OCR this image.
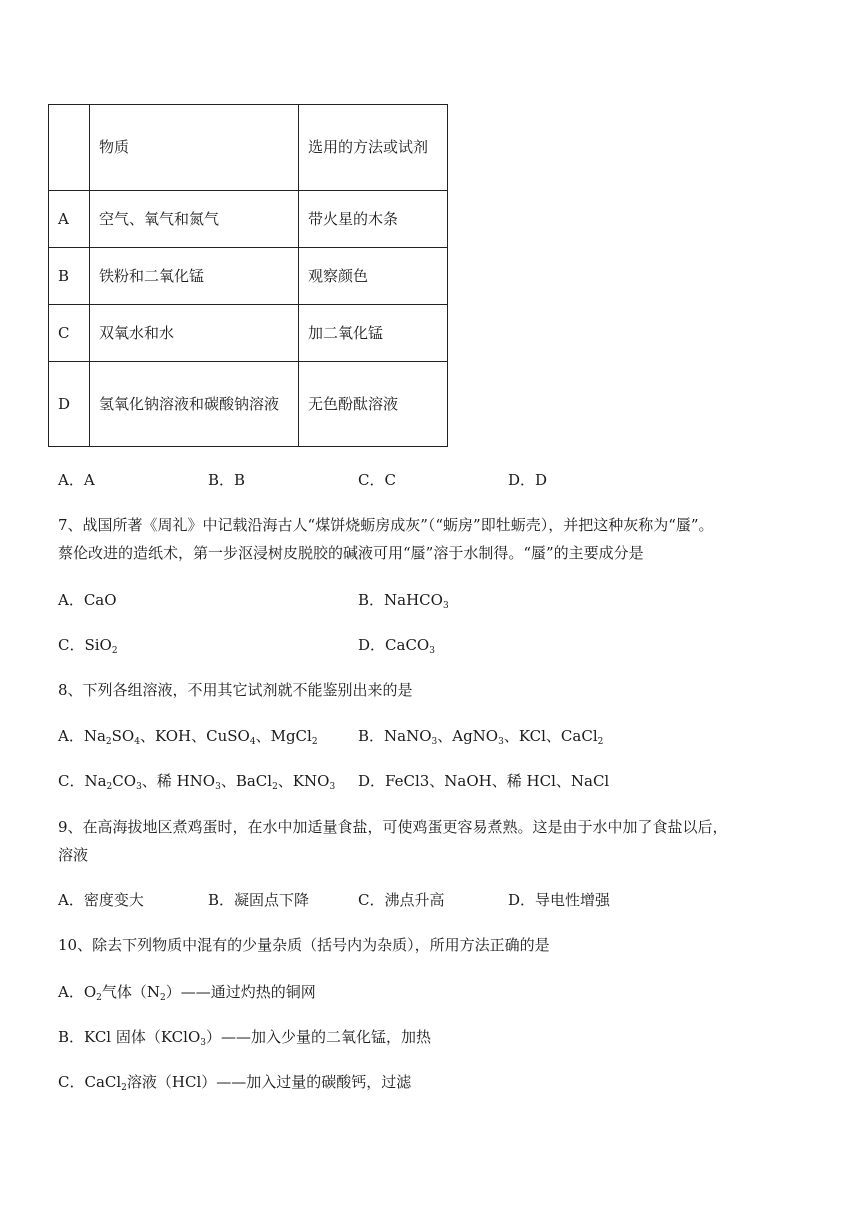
	物质	选用的方法或试剂
A	空气、氧气和氮气	带火星的木条
B	铁粉和二氧化锰	观察颜色
C	双氧水和水	加二氧化锰
D	氢氧化钠溶液和碳酸钠溶液	无色酚酞溶液
A．A	B．B	C．C	D．D
7、战国所著《周礼》中记载沿海古人“煤饼烧蛎房成灰”（“蛎房”即牡蛎壳），并把这种灰称为“蜃”。
蔡伦改进的造纸术，第一步沤浸树皮脱胶的碱液可用“蜃”溶于水制得。“蜃”的主要成分是
A．CaO	B．NaHCO$_3$
C．SiO$_2$	D．CaCO$_3$
8、下列各组溶液，不用其它试剂就不能鉴别出来的是
A．$Na_2SO_4$、KOH、CuSO$_4$、MgCl$_2$	B．NaNO$_3$、AgNO$_3$、KCl、CaCl$_2$
C．$Na_2CO_3$、稀 $HNO_3$、BaCl$_2$、$KNO_3$ D．FeCl3、NaOH、稀 HCl、NaCl
9、在高海拔地区煮鸡蛋时，在水中加适量食盐，可使鸡蛋更容易煮熟。这是由于水中加了食盐以后，
溶液
A．密度变大	B．凝固点下降	C．沸点升高	D．导电性增强
10、除去下列物质中混有的少量杂质（括号内为杂质），所用方法正确的是
A．$O_2$气体$(N_2)——$通过灼热的铜网
B．KCl 固体（KClO$_3$）——加入少量的二氧化锰，加热
C．CaCl$_2$溶液（HCl）——加入过量的碳酸钙，过滤
